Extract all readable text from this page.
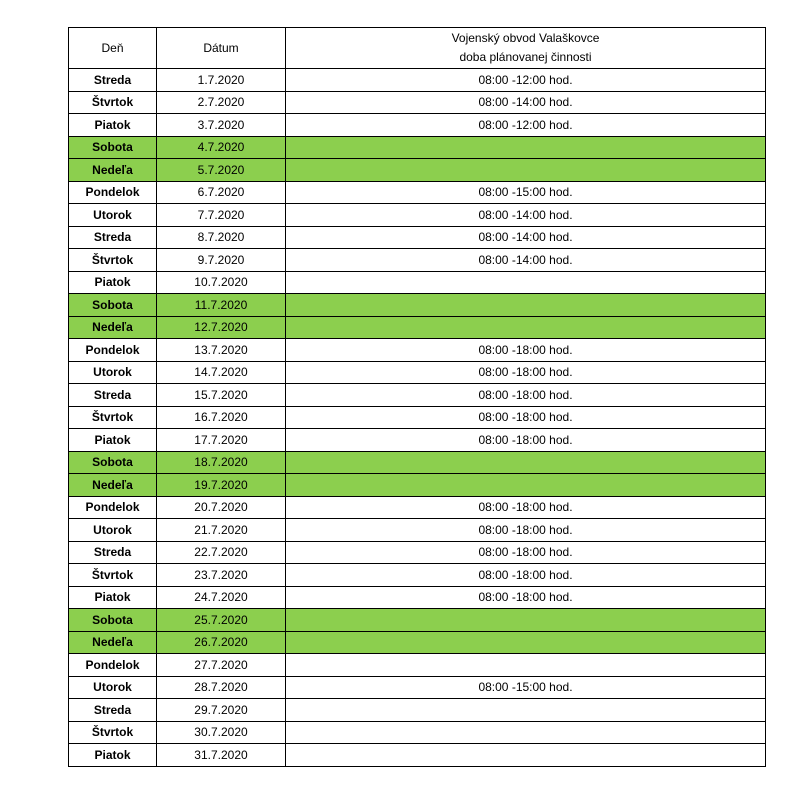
Deň	Dátum	Vojenský obvod Valaškovce
doba plánovanej činnosti
Streda	1.7.2020	08:00 -12:00 hod.
Štvrtok	2.7.2020	08:00 -14:00 hod.
Piatok	3.7.2020	08:00 -12:00 hod.
Sobota	4.7.2020	
Nedeľa	5.7.2020	
Pondelok	6.7.2020	08:00 -15:00 hod.
Utorok	7.7.2020	08:00 -14:00 hod.
Streda	8.7.2020	08:00 -14:00 hod.
Štvrtok	9.7.2020	08:00 -14:00 hod.
Piatok	10.7.2020	
Sobota	11.7.2020	
Nedeľa	12.7.2020	
Pondelok	13.7.2020	08:00 -18:00 hod.
Utorok	14.7.2020	08:00 -18:00 hod.
Streda	15.7.2020	08:00 -18:00 hod.
Štvrtok	16.7.2020	08:00 -18:00 hod.
Piatok	17.7.2020	08:00 -18:00 hod.
Sobota	18.7.2020	
Nedeľa	19.7.2020	
Pondelok	20.7.2020	08:00 -18:00 hod.
Utorok	21.7.2020	08:00 -18:00 hod.
Streda	22.7.2020	08:00 -18:00 hod.
Štvrtok	23.7.2020	08:00 -18:00 hod.
Piatok	24.7.2020	08:00 -18:00 hod.
Sobota	25.7.2020	
Nedeľa	26.7.2020	
Pondelok	27.7.2020	
Utorok	28.7.2020	08:00 -15:00 hod.
Streda	29.7.2020	
Štvrtok	30.7.2020	
Piatok	31.7.2020	
